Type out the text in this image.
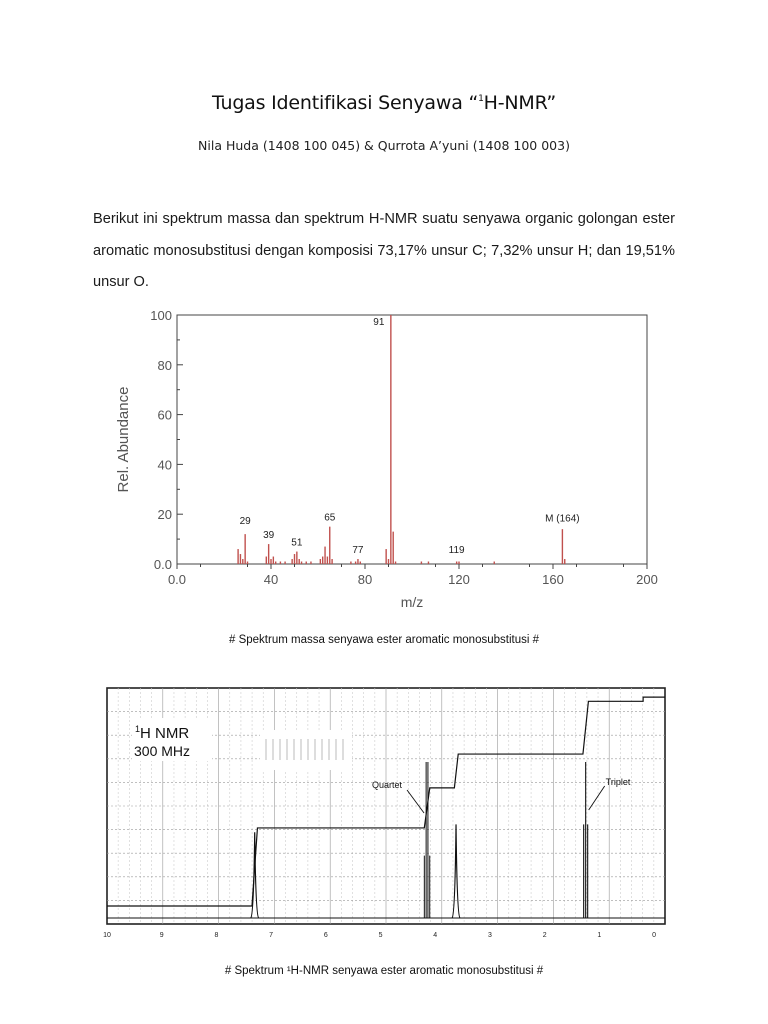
Tugas Identifikasi Senyawa “$^1$H-NMR”
Nila Huda (1408 100 045) & Qurrota A’yuni (1408 100 003)
Berikut ini spektrum massa dan spektrum H-NMR suatu senyawa organic golongan ester aromatic monosubstitusi dengan komposisi 73,17% unsur C; 7,32% unsur H; dan 19,51% unsur O.
0.0
20
40
60
80
100
0.0	40	80	120	160	200
91
29
39
51
65
77	119
M (164)
m/z
Rel. Abundance
# Spektrum massa senyawa ester aromatic monosubstitusi #
10	9	8	7	6	5	4	3	2	1	0
$^1$H NMR
300 MHz
Quartet	Triplet
# Spektrum ¹H-NMR senyawa ester aromatic monosubstitusi #
